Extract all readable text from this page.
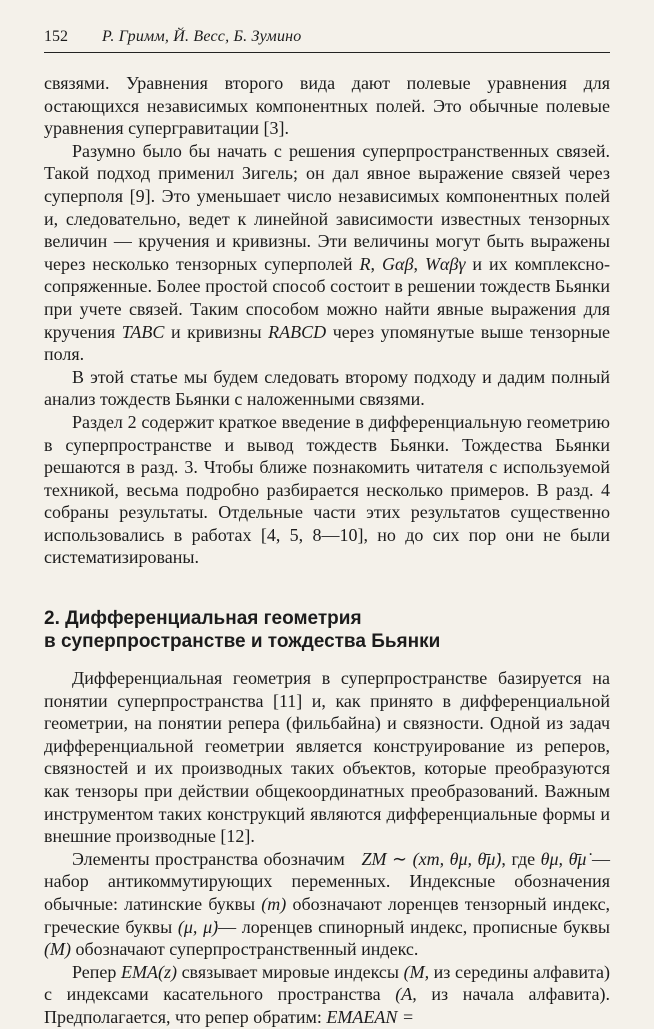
152 Р. Гримм, Й. Весс, Б. Зумино

связями. Уравнения второго вида дают полевые уравнения для остающихся независимых компонентных полей. Это обычные полевые уравнения супергравитации [3].

Разумно было бы начать с решения суперпространственных связей. Такой подход применил Зигель; он дал явное выражение связей через суперполя [9]. Это уменьшает число независимых компонентных полей и, следовательно, ведет к линейной зависимости известных тензорных величин — кручения и кривизны. Эти величины могут быть выражены через несколько тензорных суперполей R, Gαβ, Wαβγ и их комплексно-сопряженные. Более простой способ состоит в решении тождеств Бьянки при учете связей. Таким способом можно найти явные выражения для кручения TABC и кривизны RABCD через упомянутые выше тензорные поля.

В этой статье мы будем следовать второму подходу и дадим полный анализ тождеств Бьянки с наложенными связями.

Раздел 2 содержит краткое введение в дифференциальную геометрию в суперпространстве и вывод тождеств Бьянки. Тождества Бьянки решаются в разд. 3. Чтобы ближе познакомить читателя с используемой техникой, весьма подробно разбирается несколько примеров. В разд. 4 собраны результаты. Отдельные части этих результатов существенно использовались в работах [4, 5, 8—10], но до сих пор они не были систематизированы.

2. Дифференциальная геометрия
в суперпространстве и тождества Бьянки

Дифференциальная геометрия в суперпространстве базируется на понятии суперпространства [11] и, как принято в дифференциальной геометрии, на понятии репера (фильбайна) и связности. Одной из задач дифференциальной геометрии является конструирование из реперов, связностей и их производных таких объектов, которые преобразуются как тензоры при действии общекоординатных преобразований. Важным инструментом таких конструкций являются дифференциальные формы и внешние производные [12].

Элементы пространства обозначим ZM ∼ (xm, θμ, θ̄μ̇), где θμ, θ̄μ̇ — набор антикоммутирующих переменных. Индексные обозначения обычные: латинские буквы (m) обозначают лоренцев тензорный индекс, греческие буквы (μ, μ̇)— лоренцев спинорный индекс, прописные буквы (M) обозначают суперпространственный индекс.

Репер EMA(z) связывает мировые индексы (M, из середины алфавита) с индексами касательного пространства (A, из начала алфавита). Предполагается, что репер обратим: EMAEAN =
